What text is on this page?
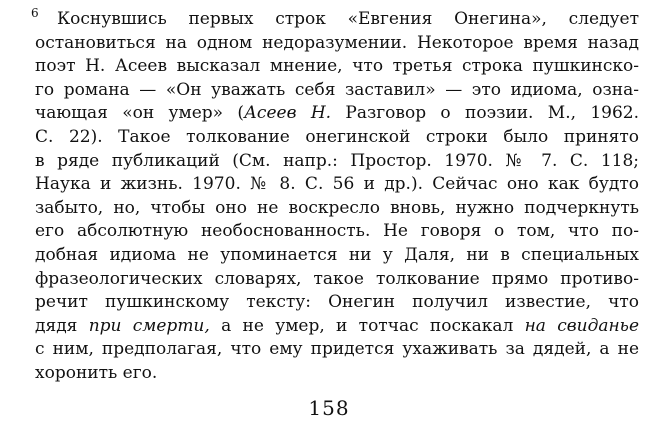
6	Коснувшись первых строк «Евгения Онегина», следует
остановиться на одном недоразумении. Некоторое время назад
поэт Н. Асеев высказал мнение, что третья строка пушкинско-
го романа — «Он уважать себя заставил» — это идиома, озна-
чающая «он умер» (Асеев Н. Разговор о поэзии. М., 1962.
С. 22). Такое толкование онегинской строки было принято
в ряде публикаций (См. напр.: Простор. 1970. № 7. С. 118;
Наука и жизнь. 1970. № 8. С. 56 и др.). Сейчас оно как будто
забыто, но, чтобы оно не воскресло вновь, нужно подчеркнуть
его абсолютную необоснованность. Не говоря о том, что по-
добная идиома не упоминается ни у Даля, ни в специальных
фразеологических словарях, такое толкование прямо противо-
речит пушкинскому тексту: Онегин получил известие, что
дядя при смерти, а не умер, и тотчас поскакал на свиданье
с ним, предполагая, что ему придется ухаживать за дядей, а не
хоронить его.
158
